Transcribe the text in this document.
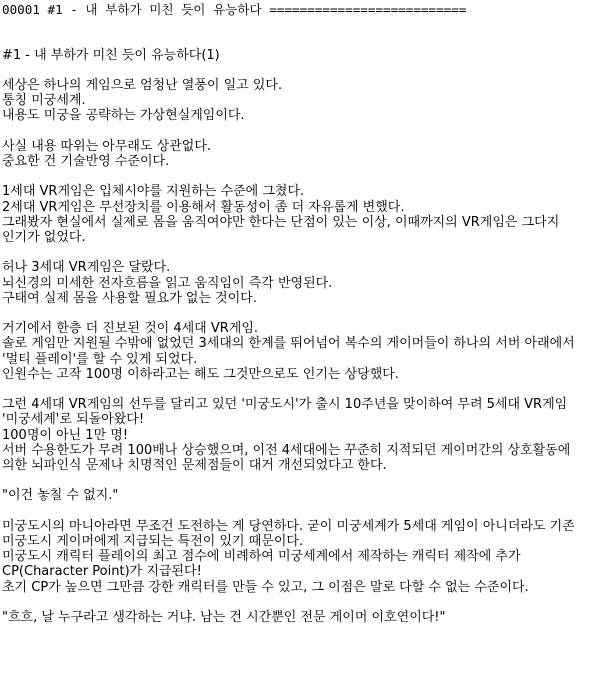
00001 #1 - 내 부하가 미친 듯이 유능하다 ==========================
#1 - 내 부하가 미친 듯이 유능하다(1)
세상은 하나의 게임으로 엄청난 열풍이 일고 있다.
통칭 미궁세계.
내용도 미궁을 공략하는 가상현실게임이다.
사실 내용 따위는 아무래도 상관없다.
중요한 건 기술반영 수준이다.
1세대 VR게임은 입체시야를 지원하는 수준에 그쳤다.
2세대 VR게임은 무선장치를 이용해서 활동성이 좀 더 자유롭게 변했다.
그래봤자 현실에서 실제로 몸을 움직여야만 한다는 단점이 있는 이상, 이때까지의 VR게임은 그다지 인기가 없었다.
허나 3세대 VR게임은 달랐다.
뇌신경의 미세한 전자흐름을 읽고 움직임이 즉각 반영된다.
구태여 실제 몸을 사용할 필요가 없는 것이다.
거기에서 한층 더 진보된 것이 4세대 VR게임.
솔로 게임만 지원될 수밖에 없었던 3세대의 한계를 뛰어넘어 복수의 게이머들이 하나의 서버 아래에서 '멀티 플레이'를 할 수 있게 되었다.
인원수는 고작 100명 이하라고는 해도 그것만으로도 인기는 상당했다.
그런 4세대 VR게임의 선두를 달리고 있던 '미궁도시'가 출시 10주년을 맞이하여 무려 5세대 VR게임 '미궁세계'로 되돌아왔다!
100명이 아닌 1만 명!
서버 수용한도가 무려 100배나 상승했으며, 이전 4세대에는 꾸준히 지적되던 게이머간의 상호활동에 의한 뇌파인식 문제나 치명적인 문제점들이 대거 개선되었다고 한다.
"이건 놓칠 수 없지."
미궁도시의 마니아라면 무조건 도전하는 게 당연하다. 굳이 미궁세계가 5세대 게임이 아니더라도 기존 미궁도시 게이머에게 지급되는 특전이 있기 때문이다.
미궁도시 캐릭터 플레이의 최고 점수에 비례하여 미궁세계에서 제작하는 캐릭터 제작에 추가 CP(Character Point)가 지급된다!
초기 CP가 높으면 그만큼 강한 캐릭터를 만들 수 있고, 그 이점은 말로 다할 수 없는 수준이다.
"흐흐, 날 누구라고 생각하는 거냐. 남는 건 시간뿐인 전문 게이머 이호연이다!"
